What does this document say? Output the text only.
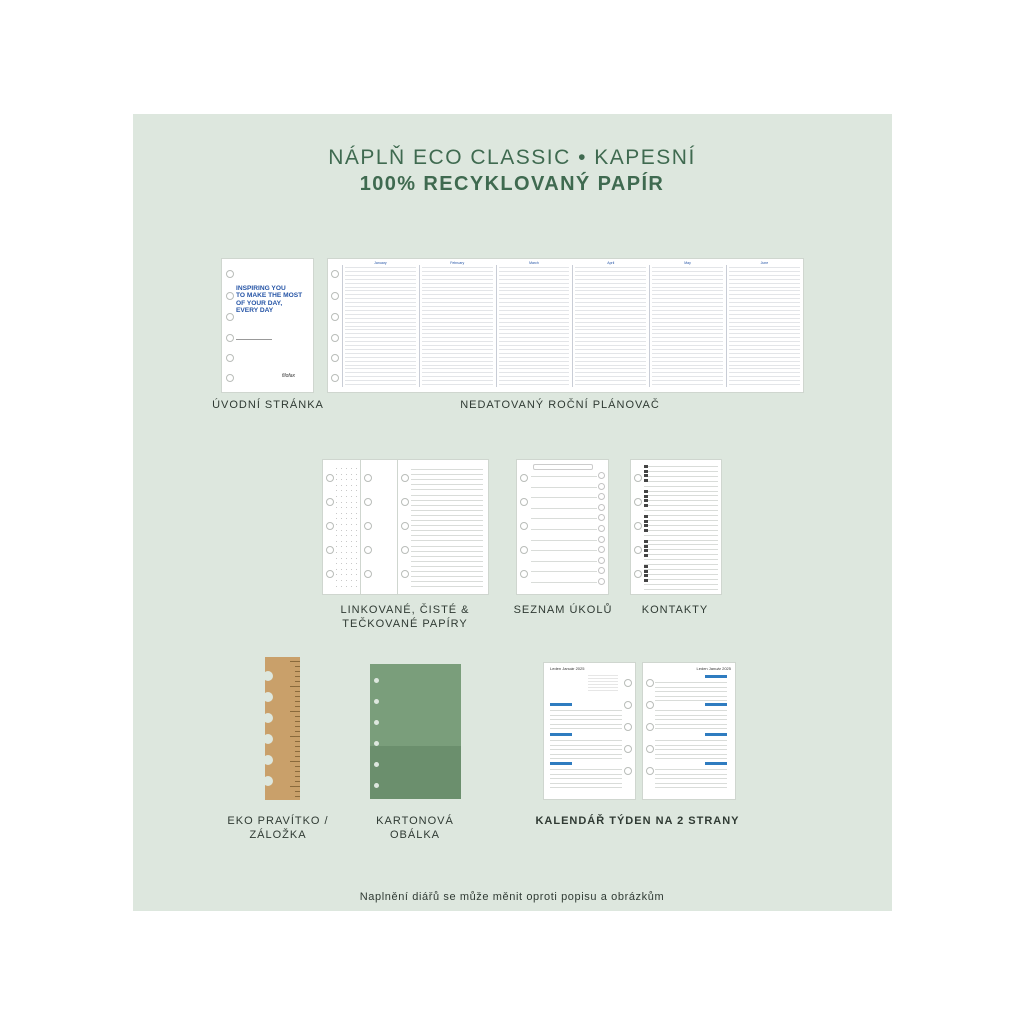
NÁPLŇ ECO CLASSIC • KAPESNÍ
100% RECYKLOVANÝ PAPÍR
INSPIRING YOU
TO MAKE THE MOST
OF YOUR DAY,
EVERY DAY
filofax
ÚVODNÍ STRÁNKA
January	February	March	April	May	June
NEDATOVANÝ ROČNÍ PLÁNOVAČ
LINKOVANÉ, ČISTÉ &
TEČKOVANÉ PAPÍRY
SEZNAM ÚKOLŮ	KONTAKTY
EKO PRAVÍTKO /
ZÁLOŽKA
KARTONOVÁ
OBÁLKA
Leden Január 2025	Leden Január 2025
KALENDÁŘ TÝDEN NA 2 STRANY
Naplnění diářů se může měnit oproti popisu a obrázkům
